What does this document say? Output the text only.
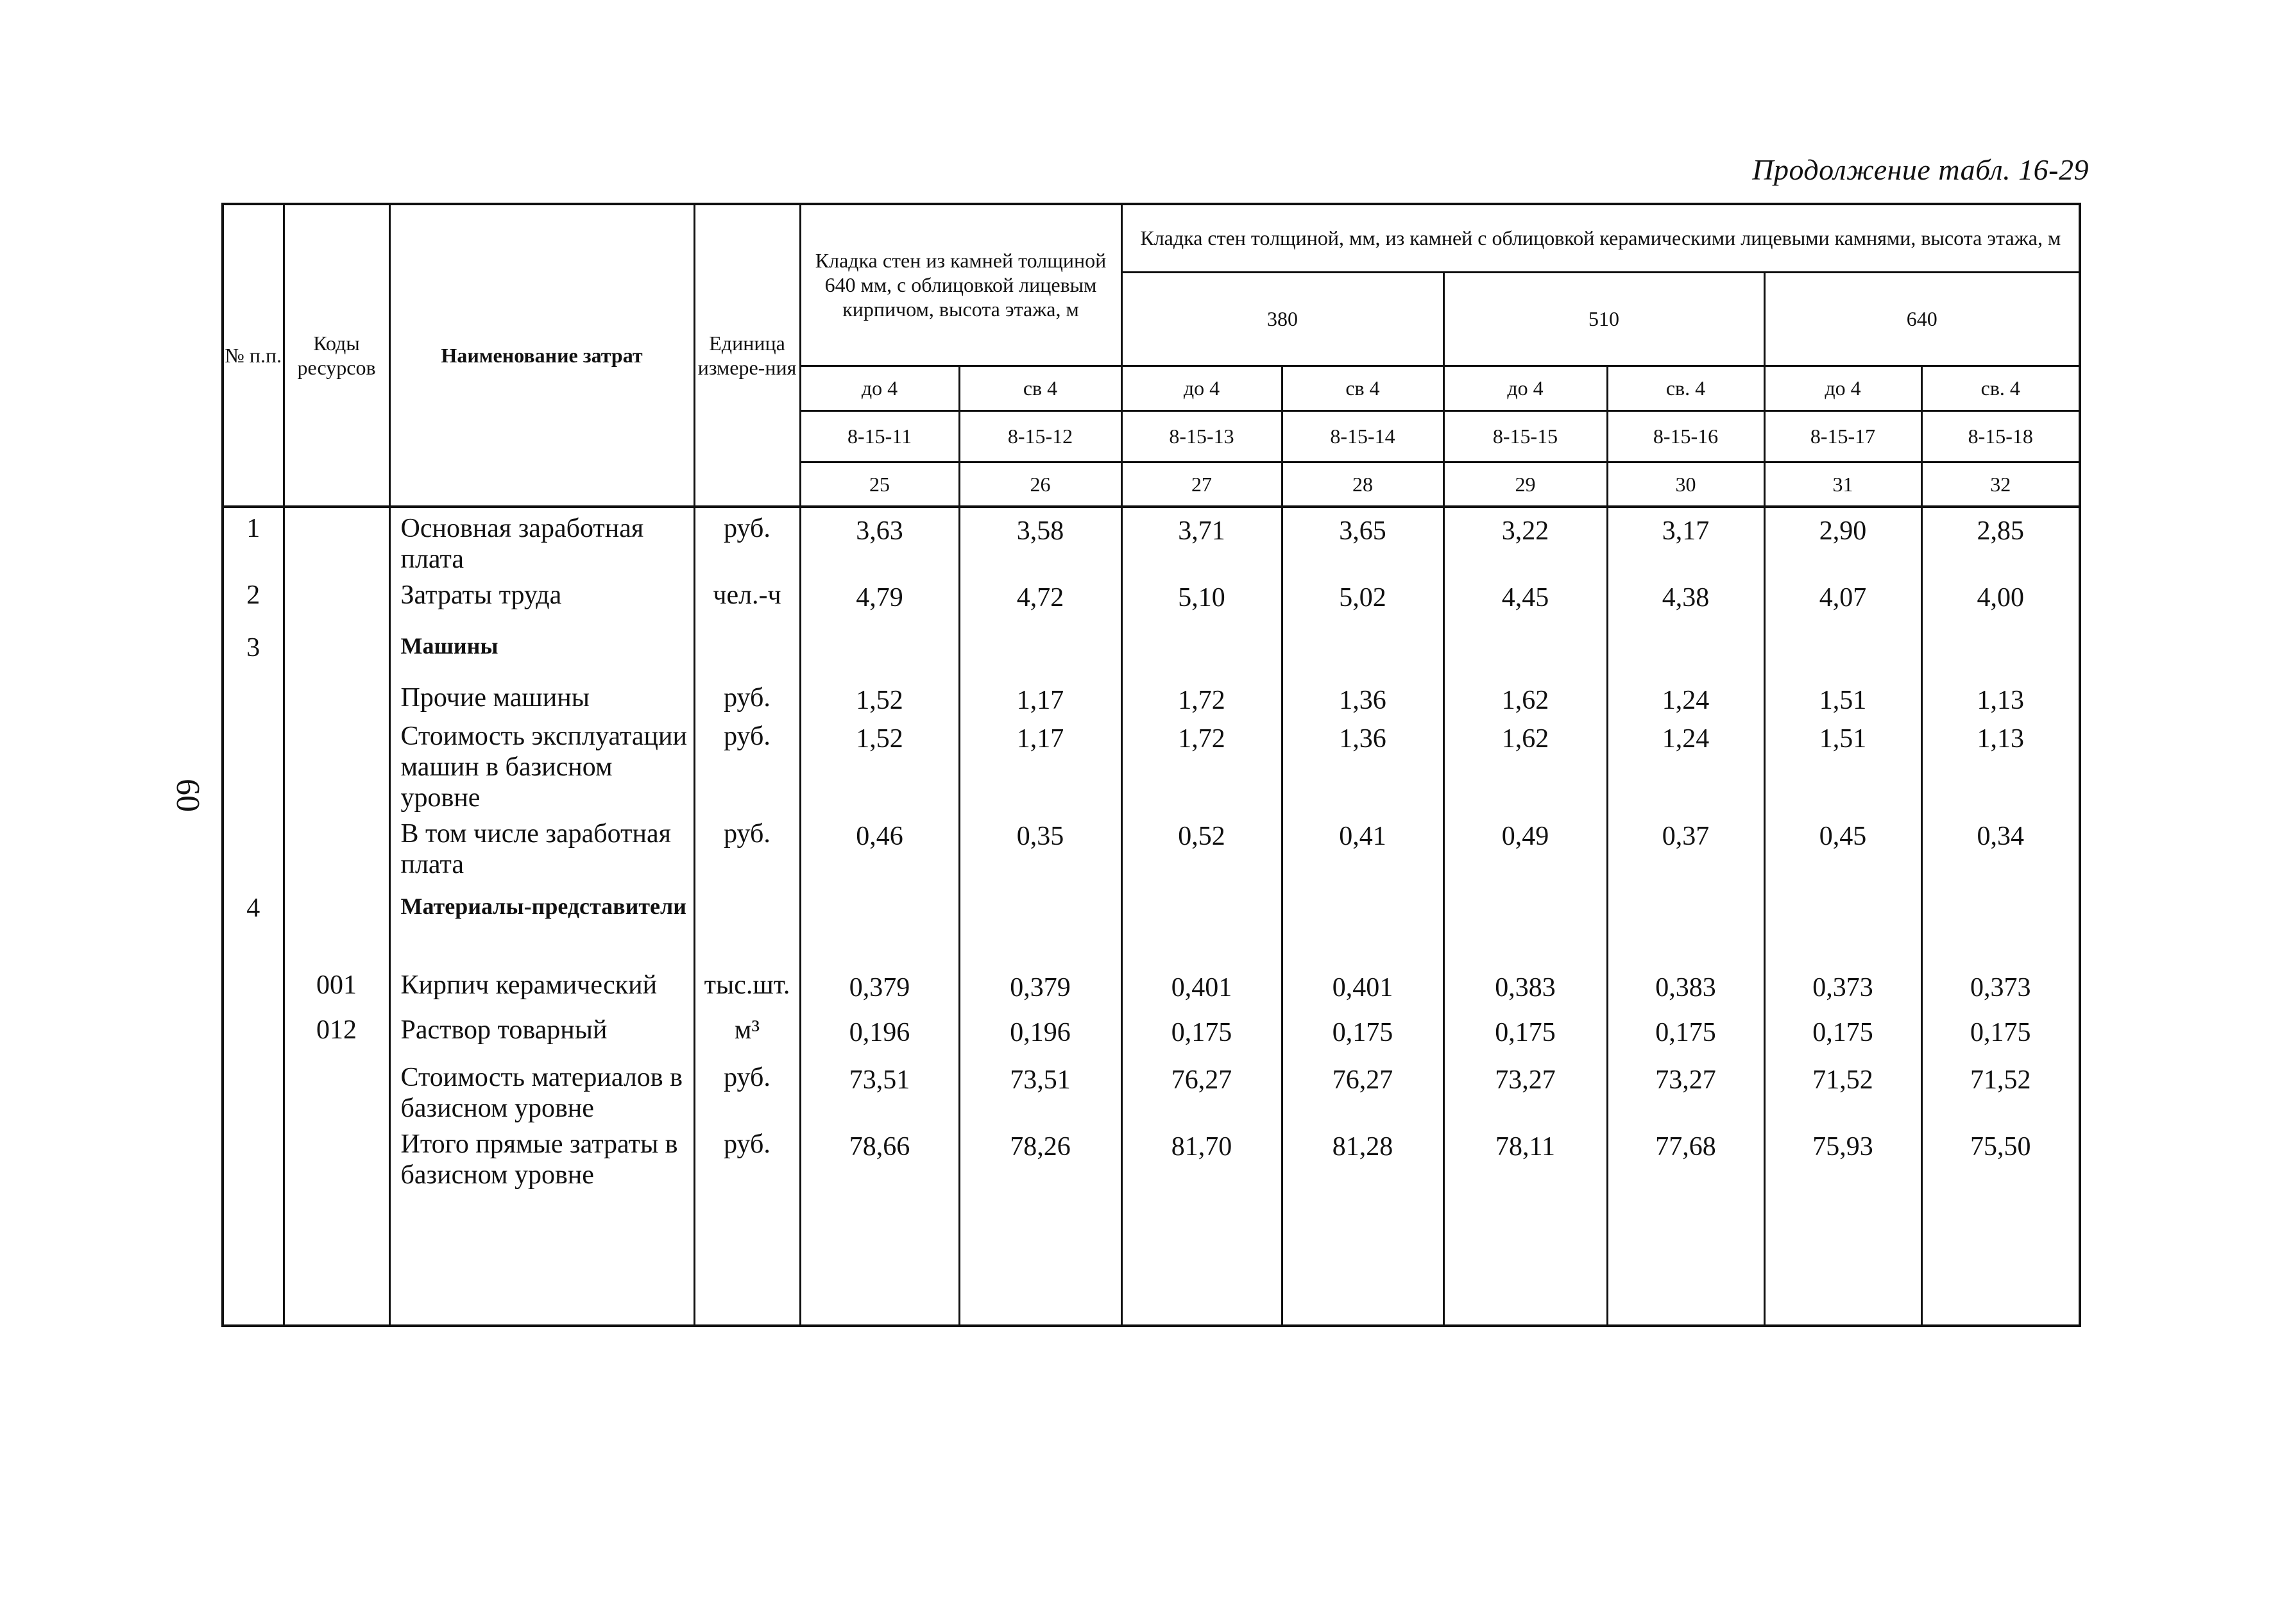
Продолжение табл. 16-29
60
№ п.п.	Коды ресурсов	Наименование затрат	Единица измере-ния	Кладка стен из камней толщиной 640 мм, с облицовкой лицевым кирпичом, высота этажа, м		Кладка стен толщиной, мм, из камней с облицовкой керамическими лицевыми камнями, высота этажа, м					
						380		510		640	
				до 4	св 4	до 4	св 4	до 4	св. 4	до 4	св. 4
				8-15-11	8-15-12	8-15-13	8-15-14	8-15-15	8-15-16	8-15-17	8-15-18
				25	26	27	28	29	30	31	32
1		Основная заработная плата	руб.	3,63	3,58	3,71	3,65	3,22	3,17	2,90	2,85
2		Затраты труда	чел.-ч	4,79	4,72	5,10	5,02	4,45	4,38	4,07	4,00
3		Машины									
		Прочие машины	руб.	1,52	1,17	1,72	1,36	1,62	1,24	1,51	1,13
		Стоимость эксплуатации машин в базисном уровне	руб.	1,52	1,17	1,72	1,36	1,62	1,24	1,51	1,13
		В том числе заработная плата	руб.	0,46	0,35	0,52	0,41	0,49	0,37	0,45	0,34
4		Материалы-представители									
	001	Кирпич керамический	тыс.шт.	0,379	0,379	0,401	0,401	0,383	0,383	0,373	0,373
	012	Раствор товарный	м³	0,196	0,196	0,175	0,175	0,175	0,175	0,175	0,175
		Стоимость материалов в базисном уровне	руб.	73,51	73,51	76,27	76,27	73,27	73,27	71,52	71,52
		Итого прямые затраты в базисном уровне	руб.	78,66	78,26	81,70	81,28	78,11	77,68	75,93	75,50
